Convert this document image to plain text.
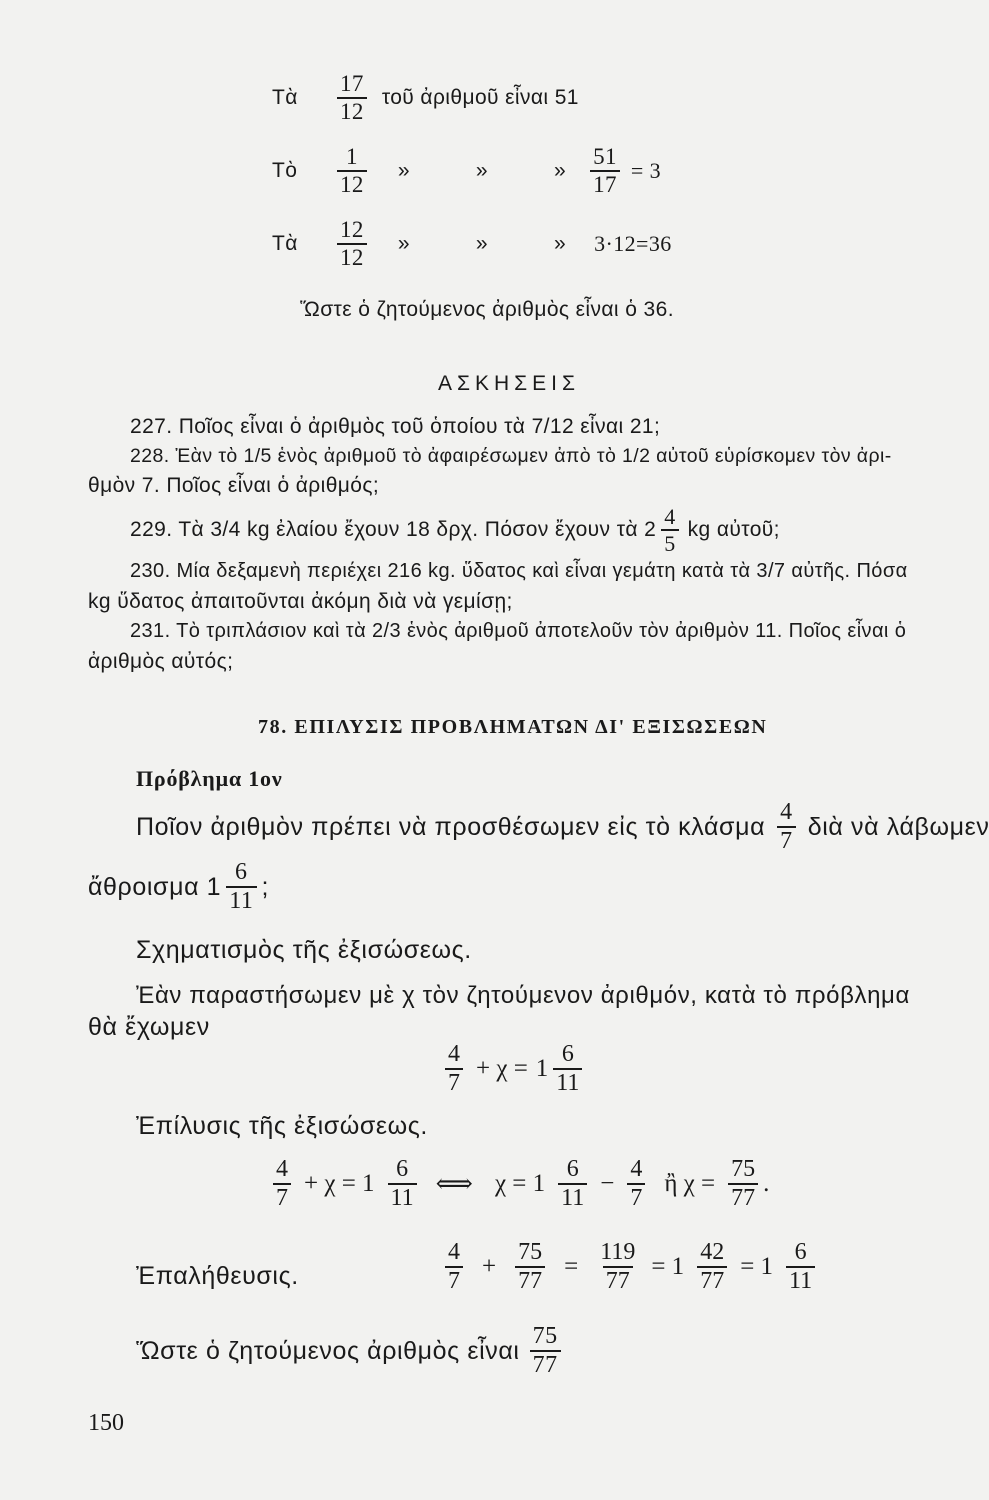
Τὰ	$\frac{17}{12}$ τοῦ ἀριθμοῦ εἶναι 51
Τὸ	$\frac{1}{12}$ »	»	» $\frac{51}{17} = 3$
Τὰ	$\frac{12}{12}$ »	»	» 3·12=36
Ὥστε ὁ ζητούμενος ἀριθμὸς εἶναι ὁ 36.
ΑΣΚΗΣΕΙΣ
227. Ποῖος εἶναι ὁ ἀριθμὸς τοῦ ὁποίου τὰ 7/12 εἶναι 21;
228. Ἐὰν τὸ 1/5 ἑνὸς ἀριθμοῦ τὸ ἀφαιρέσωμεν ἀπὸ τὸ 1/2 αὐτοῦ εὑρίσκομεν τὸν ἀρι-
θμὸν 7. Ποῖος εἶναι ὁ ἀριθμός;
229. Τὰ 3/4 kg ἐλαίου ἔχουν 18 δρχ. Πόσον ἔχουν τὰ $2 \frac{4}{5}$ kg αὐτοῦ;
230. Μία δεξαμενὴ περιέχει 216 kg. ὕδατος καὶ εἶναι γεμάτη κατὰ τὰ 3/7 αὐτῆς. Πόσα
kg ὕδατος ἀπαιτοῦνται ἀκόμη διὰ νὰ γεμίσῃ;
231. Τὸ τριπλάσιον καὶ τὰ 2/3 ἑνὸς ἀριθμοῦ ἀποτελοῦν τὸν ἀριθμὸν 11. Ποῖος εἶναι ὁ
ἀριθμὸς αὐτός;
78. ΕΠΙΛΥΣΙΣ ΠΡΟΒΛΗΜΑΤΩΝ ΔΙ' ΕΞΙΣΩΣΕΩΝ
Πρόβλημα 1ον
Ποῖον ἀριθμὸν πρέπει νὰ προσθέσωμεν εἰς τὸ κλάσμα $\frac{4}{7}$ διὰ νὰ λάβωμεν
ἄθροισμα $1 \frac{6}{11}$ ;
Σχηματισμὸς τῆς ἐξισώσεως.
Ἐὰν παραστήσωμεν μὲ χ τὸν ζητούμενον ἀριθμόν, κατὰ τὸ πρόβλημα
θὰ ἔχωμεν
$\frac{4}{7} + \chi = 1 \frac{6}{11}$
Ἐπίλυσις τῆς ἐξισώσεως.
$\frac{4}{7} + \chi = 1 \frac{6}{11}$ ⟺ $\chi = 1 \frac{6}{11} - \frac{4}{7}$ ἢ $\chi = \frac{75}{77}$ .
Ἐπαλήθευσις.	$\frac{4}{7} + \frac{75}{77} = \frac{119}{77} = 1 \frac{42}{77} = 1 \frac{6}{11}$
Ὥστε ὁ ζητούμενος ἀριθμὸς εἶναι $\frac{75}{77}$
150
